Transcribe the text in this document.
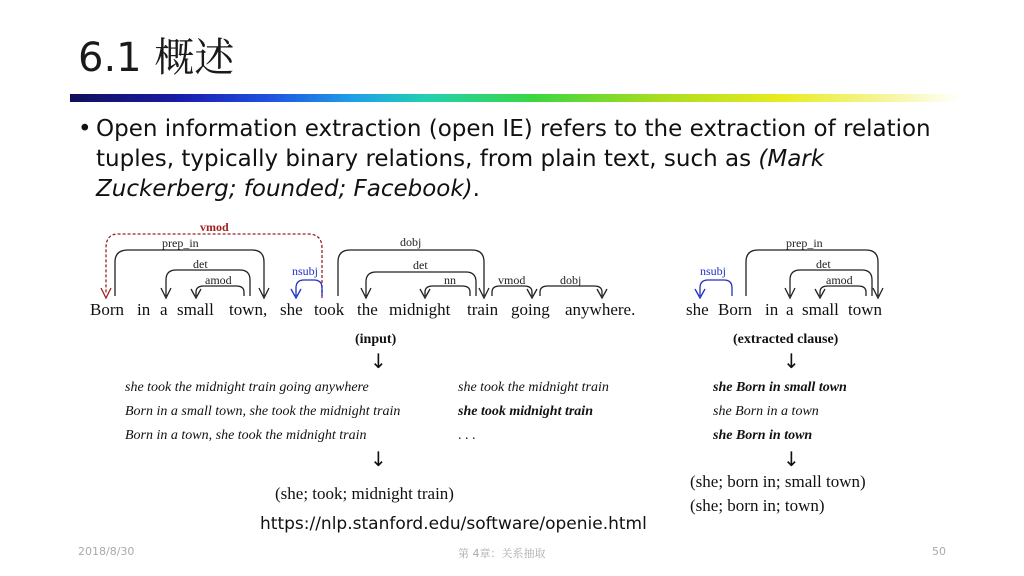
6.1 概述
• Open information extraction (open IE) refers to the extraction of relation tuples, typically binary relations, from plain text, such as (Mark Zuckerberg; founded; Facebook).
Born in a small town, she took the midnight train going anywhere.
vmod
prep_in
det
amod
nsubj
dobj
det
nn	vmod	dobj
she Born in a small town
nsubj
prep_in
det
amod
(input)	(extracted clause)
↓
↓
↓
↓
she took the midnight train going anywhere
Born in a small town, she took the midnight train
Born in a town, she took the midnight train
she took the midnight train
she took midnight train
. . .
she Born in small town
she Born in a town
she Born in town
(she; took; midnight train)
(she; born in; small town)
(she; born in; town)
https://nlp.stanford.edu/software/openie.html
2018/8/30	第 4章：关系抽取	50
